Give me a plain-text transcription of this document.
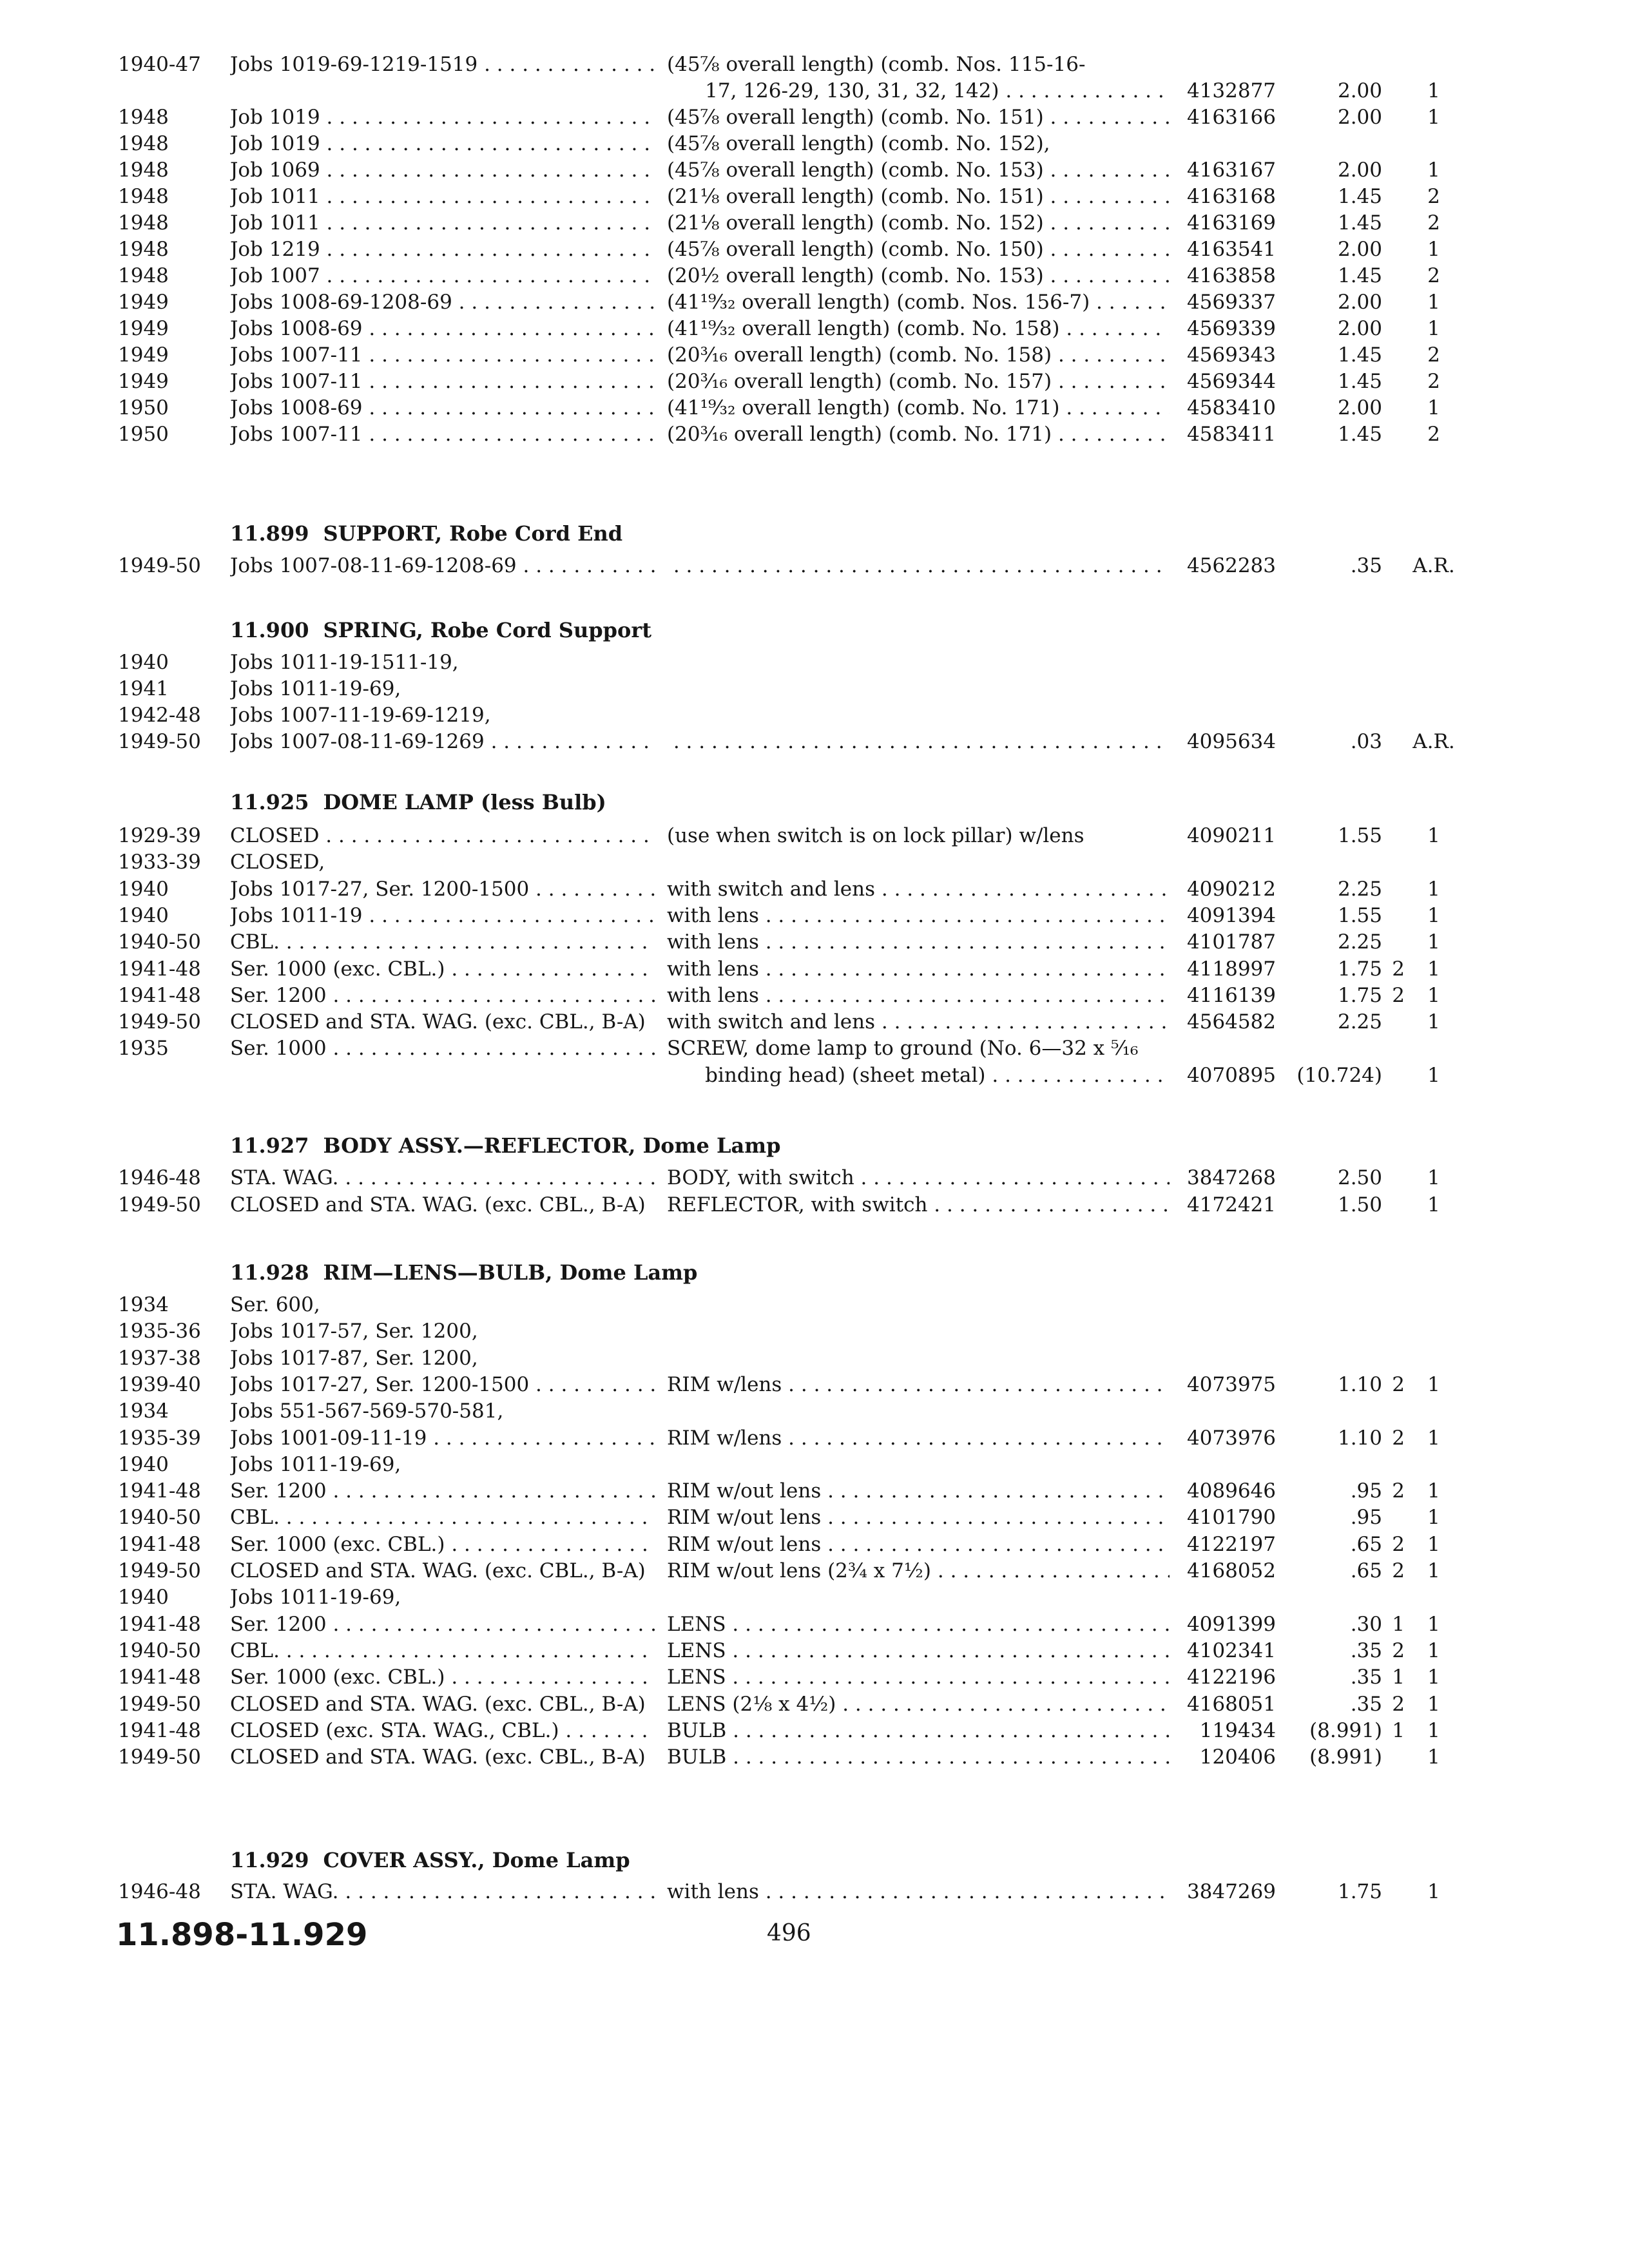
1940-47	Jobs 1019-69-1219-1519 . . .	(45⅞ overall length) (comb. Nos. 115-16-
17, 126-29, 130, 31, 32, 142) . . .	4132877	2.00	1
1948	Job 1019 . . .	(45⅞ overall length) (comb. No. 151) . . .	4163166	2.00	1
1948	Job 1019 . . .	(45⅞ overall length) (comb. No. 152),
1948	Job 1069 . . .	(45⅞ overall length) (comb. No. 153) . . .	4163167	2.00	1
1948	Job 1011 . . .	(21⅛ overall length) (comb. No. 151) . . .	4163168	1.45	2
1948	Job 1011 . . .	(21⅛ overall length) (comb. No. 152) . . .	4163169	1.45	2
1948	Job 1219 . . .	(45⅞ overall length) (comb. No. 150) . . .	4163541	2.00	1
1948	Job 1007 . . .	(20½ overall length) (comb. No. 153) . . .	4163858	1.45	2
1949	Jobs 1008-69-1208-69 . . .	(41¹⁹⁄₃₂ overall length) (comb. Nos. 156-7) . . .	4569337	2.00	1
1949	Jobs 1008-69 . . .	(41¹⁹⁄₃₂ overall length) (comb. No. 158) . . .	4569339	2.00	1
1949	Jobs 1007-11 . . .	(20³⁄₁₆ overall length) (comb. No. 158) . . .	4569343	1.45	2
1949	Jobs 1007-11 . . .	(20³⁄₁₆ overall length) (comb. No. 157) . . .	4569344	1.45	2
1950	Jobs 1008-69 . . .	(41¹⁹⁄₃₂ overall length) (comb. No. 171) . . .	4583410	2.00	1
1950	Jobs 1007-11 . . .	(20³⁄₁₆ overall length) (comb. No. 171) . . .	4583411	1.45	2
11.899 SUPPORT, Robe Cord End
1949-50	Jobs 1007-08-11-69-1208-69 . . . . . .	4562283	.35 A.R.
11.900 SPRING, Robe Cord Support
1940	Jobs 1011-19-1511-19,
1941	Jobs 1011-19-69,
1942-48	Jobs 1007-11-19-69-1219,
1949-50	Jobs 1007-08-11-69-1269 . . . . . .	4095634	.03 A.R.
11.925 DOME LAMP (less Bulb)
1929-39	CLOSED . . .	(use when switch is on lock pillar) w/lens	4090211	1.55	1
1933-39	CLOSED,
1940	Jobs 1017-27, Ser. 1200-1500 . . .	with switch and lens . . .	4090212	2.25	1
1940	Jobs 1011-19 . . .	with lens . . .	4091394	1.55	1
1940-50	CBL. . . .	with lens . . .	4101787	2.25	1
1941-48	Ser. 1000 (exc. CBL.) . . .	with lens . . .	4118997	1.75 2	1
1941-48	Ser. 1200 . . .	with lens . . .	4116139	1.75 2	1
1949-50	CLOSED and STA. WAG. (exc. CBL., B-A)	with switch and lens . . .	4564582	2.25	1
1935	Ser. 1000 . . .	SCREW, dome lamp to ground (No. 6—32 x ⁵⁄₁₆
binding head) (sheet metal) . . .	4070895	(10.724)	1
11.927 BODY ASSY.—REFLECTOR, Dome Lamp
1946-48	STA. WAG. . . .	BODY, with switch . . .	3847268	2.50	1
1949-50	CLOSED and STA. WAG. (exc. CBL., B-A)	REFLECTOR, with switch . . .	4172421	1.50	1
11.928 RIM—LENS—BULB, Dome Lamp
1934	Ser. 600,
1935-36	Jobs 1017-57, Ser. 1200,
1937-38	Jobs 1017-87, Ser. 1200,
1939-40	Jobs 1017-27, Ser. 1200-1500 . . .	RIM w/lens . . .	4073975	1.10 2	1
1934	Jobs 551-567-569-570-581,
1935-39	Jobs 1001-09-11-19 . . .	RIM w/lens . . .	4073976	1.10 2	1
1940	Jobs 1011-19-69,
1941-48	Ser. 1200 . . .	RIM w/out lens . . .	4089646	.95 2	1
1940-50	CBL. . . .	RIM w/out lens . . .	4101790	.95	1
1941-48	Ser. 1000 (exc. CBL.) . . .	RIM w/out lens . . .	4122197	.65 2	1
1949-50	CLOSED and STA. WAG. (exc. CBL., B-A)	RIM w/out lens (2¾ x 7½) . . .	4168052	.65 2	1
1940	Jobs 1011-19-69,
1941-48	Ser. 1200 . . .	LENS . . .	4091399	.30 1	1
1940-50	CBL. . . .	LENS . . .	4102341	.35 2	1
1941-48	Ser. 1000 (exc. CBL.) . . .	LENS . . .	4122196	.35 1	1
1949-50	CLOSED and STA. WAG. (exc. CBL., B-A)	LENS (2⅛ x 4½) . . .	4168051	.35 2	1
1941-48	CLOSED (exc. STA. WAG., CBL.) . . .	BULB . . .	119434	(8.991) 1	1
1949-50	CLOSED and STA. WAG. (exc. CBL., B-A)	BULB . . .	120406	(8.991)	1
11.929 COVER ASSY., Dome Lamp
1946-48	STA. WAG. . . .	with lens . . .	3847269	1.75	1
11.898-11.929	496
